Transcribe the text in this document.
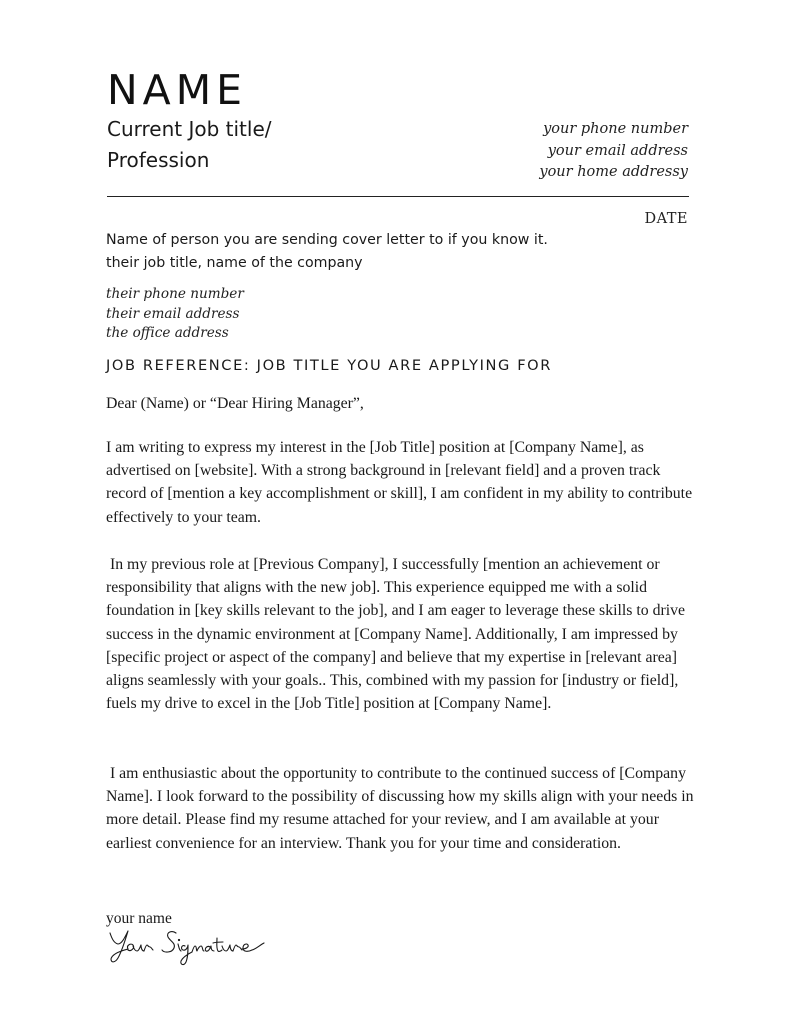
NAME
Current Job title/
Profession
your phone number
your email address
your home addressy
DATE
Name of person you are sending cover letter to if you know it.
their job title, name of the company
their phone number
their email address
the office address
JOB REFERENCE: JOB TITLE YOU ARE APPLYING FOR
Dear (Name) or “Dear Hiring Manager”,

I am writing to express my interest in the [Job Title] position at [Company Name], as advertised on [website]. With a strong background in [relevant field] and a proven track record of [mention a key accomplishment or skill], I am confident in my ability to contribute effectively to your team.

In my previous role at [Previous Company], I successfully [mention an achievement or responsibility that aligns with the new job]. This experience equipped me with a solid foundation in [key skills relevant to the job], and I am eager to leverage these skills to drive success in the dynamic environment at [Company Name]. Additionally, I am impressed by [specific project or aspect of the company] and believe that my expertise in [relevant area] aligns seamlessly with your goals.. This, combined with my passion for [industry or field], fuels my drive to excel in the [Job Title] position at [Company Name].

I am enthusiastic about the opportunity to contribute to the continued success of [Company Name]. I look forward to the possibility of discussing how my skills align with your needs in more detail. Please find my resume attached for your review, and I am available at your earliest convenience for an interview. Thank you for your time and consideration.

your name
